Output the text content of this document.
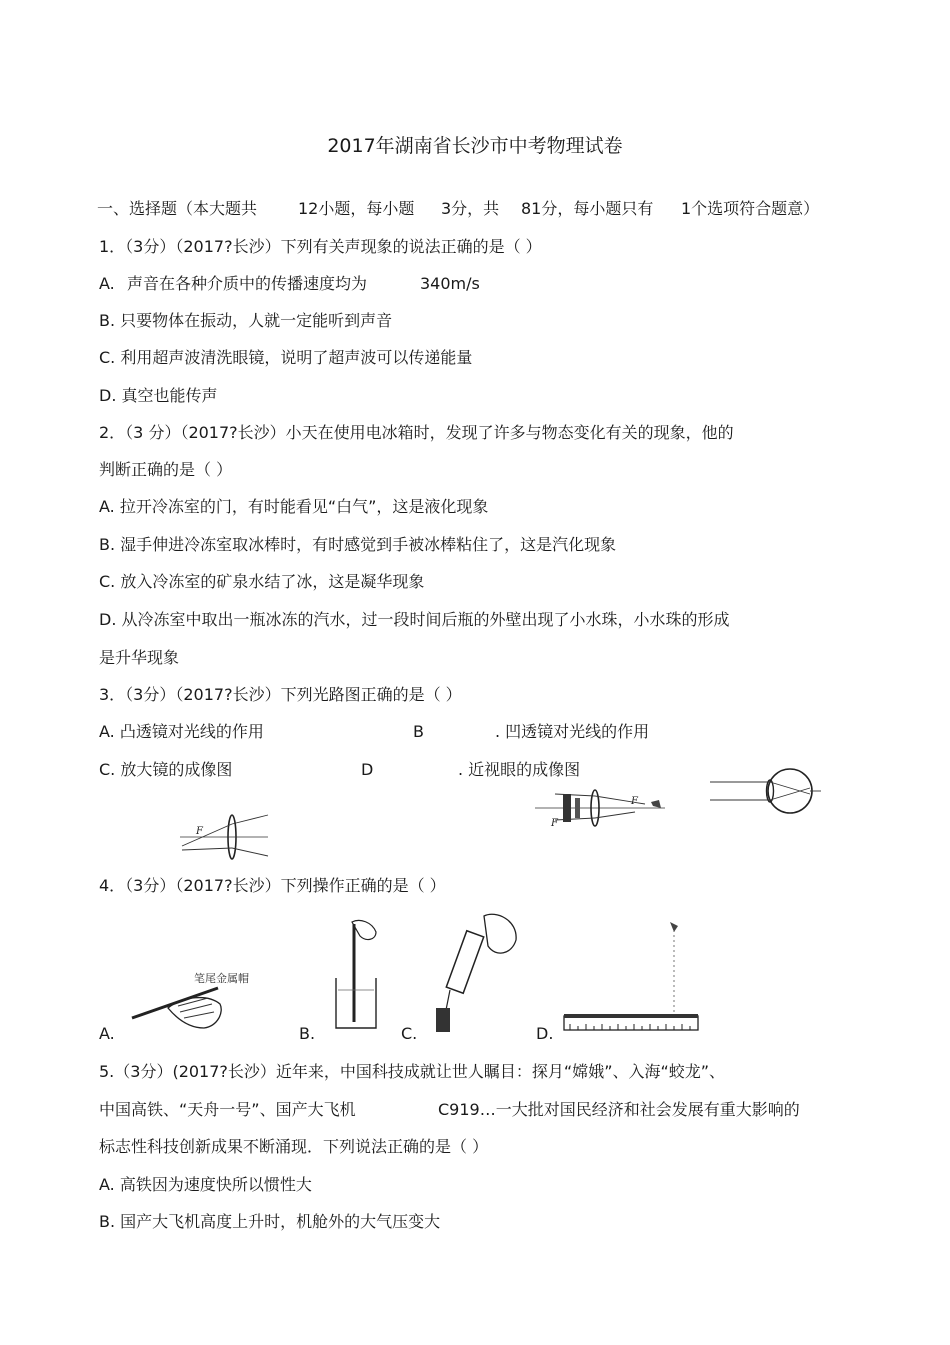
2017年湖南省长沙市中考物理试卷
一、选择题（本大题共	12小题，每小题 3分，共 81分，每小题只有 1个选项符合题意）
1．（3分）（2017?长沙）下列有关声现象的说法正确的是（ ）
A. 声音在各种介质中的传播速度均为	340m/s
B. 只要物体在振动，人就一定能听到声音
C. 利用超声波清洗眼镜，说明了超声波可以传递能量
D. 真空也能传声
2．（3 分）（2017?长沙）小天在使用电冰箱时，发现了许多与物态变化有关的现象，他的
判断正确的是（ ）
A. 拉开冷冻室的门，有时能看见“白气”，这是液化现象
B. 湿手伸进冷冻室取冰棒时，有时感觉到手被冰棒粘住了，这是汽化现象
C. 放入冷冻室的矿泉水结了冰，这是凝华现象
D. 从冷冻室中取出一瓶冰冻的汽水，过一段时间后瓶的外壁出现了小水珠，小水珠的形成
是升华现象
3．（3分）（2017?长沙）下列光路图正确的是（ ）
A. 凸透镜对光线的作用	B	. 凹透镜对光线的作用
C. 放大镜的成像图	D	. 近视眼的成像图
F
F
F
4．（3分）（2017?长沙）下列操作正确的是（ ）
笔尾金属帽
A.	B.	C.	D.
5.（3分）(2017?长沙）近年来，中国科技成就让世人瞩目：探月“嫦娥”、入海“蛟龙”、
中国高铁、“天舟一号”、国产大飞机	C919…一大批对国民经济和社会发展有重大影响的
标志性科技创新成果不断涌现．下列说法正确的是（ ）
A. 高铁因为速度快所以惯性大
B. 国产大飞机高度上升时，机舱外的大气压变大
